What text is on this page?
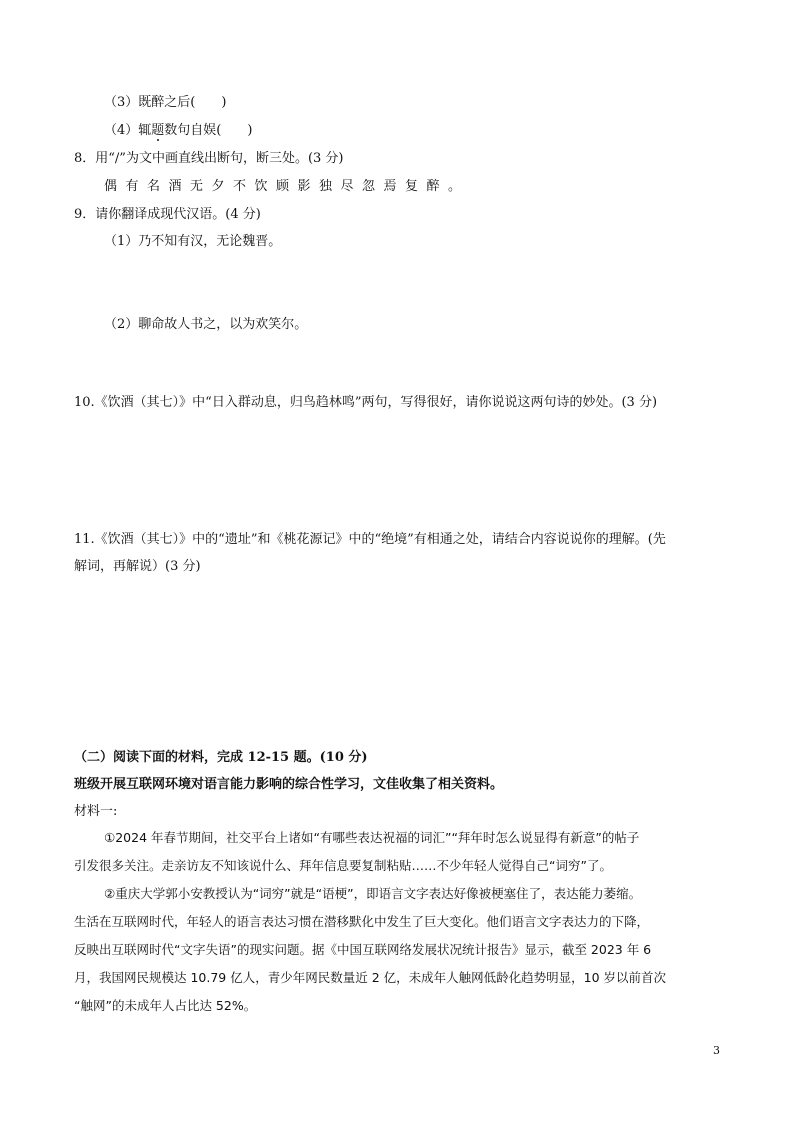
（3）既醉之后(　　)
（4）辄题数句自娱(　　)
8．用“/”为文中画直线出断句，断三处。(3 分)
偶有名酒无夕不饮顾影独尽忽焉复醉。
9．请你翻译成现代汉语。(4 分)
（1）乃不知有汉，无论魏晋。
（2）聊命故人书之，以为欢笑尔。
10.《饮酒（其七）》中“日入群动息，归鸟趋林鸣”两句，写得很好，请你说说这两句诗的妙处。(3 分)
11.《饮酒（其七）》中的“遗址”和《桃花源记》中的“绝境”有相通之处，请结合内容说说你的理解。(先
解词，再解说）(3 分)
（二）阅读下面的材料，完成 12-15 题。(10 分)
班级开展互联网环境对语言能力影响的综合性学习，文佳收集了相关资料。
材料一:
①2024 年春节期间，社交平台上诸如“有哪些表达祝福的词汇”“拜年时怎么说显得有新意”的帖子
引发很多关注。走亲访友不知该说什么、拜年信息要复制粘贴……不少年轻人觉得自己“词穷”了。
②重庆大学郭小安教授认为“词穷”就是“语梗”，即语言文字表达好像被梗塞住了，表达能力萎缩。
生活在互联网时代，年轻人的语言表达习惯在潜移默化中发生了巨大变化。他们语言文字表达力的下降，
反映出互联网时代“文字失语”的现实问题。据《中国互联网络发展状况统计报告》显示，截至 2023 年 6
月，我国网民规模达 10.79 亿人，青少年网民数量近 2 亿，未成年人触网低龄化趋势明显，10 岁以前首次
“触网”的未成年人占比达 52%。
3
